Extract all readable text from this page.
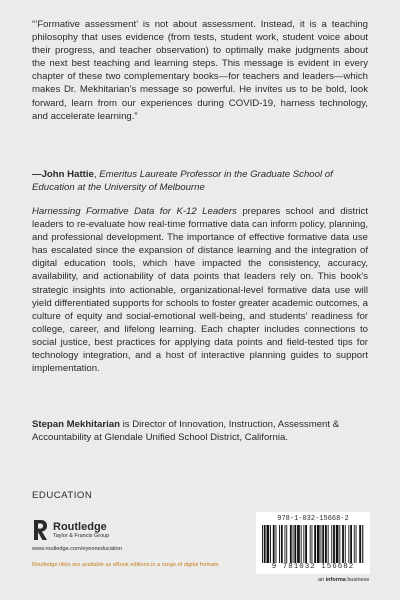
“‘Formative assessment’ is not about assessment. Instead, it is a teaching philosophy that uses evidence (from tests, student work, student voice about their progress, and teacher observation) to optimally make judgments about the next best teaching and learning steps. This message is evident in every chapter of these two complementary books—for teachers and leaders—which makes Dr. Mekhitarian’s message so powerful. He invites us to be bold, look forward, learn from our experiences during COVID-19, harness technology, and accelerate learning.”
—John Hattie, Emeritus Laureate Professor in the Graduate School of Education at the University of Melbourne
Harnessing Formative Data for K-12 Leaders prepares school and district leaders to re-evaluate how real-time formative data can inform policy, planning, and professional development. The importance of effective formative data use has escalated since the expansion of distance learning and the integration of digital education tools, which have impacted the consistency, accuracy, availability, and actionability of data points that leaders rely on. This book’s strategic insights into actionable, organizational-level formative data use will yield differentiated supports for schools to foster greater academic outcomes, a culture of equity and social-emotional well-being, and students’ readiness for college, career, and lifelong learning. Each chapter includes connections to social justice, best practices for applying data points and field-tested tips for technology integration, and a host of interactive planning guides to support implementation.
Stepan Mekhitarian is Director of Innovation, Instruction, Assessment & Accountability at Glendale Unified School District, California.
EDUCATION
Routledge
Taylor & Francis Group
www.routledge.com/eyeoneducation
Routledge titles are available as eBook editions in a range of digital formats
978-1-032-15668-2
9 781032 156682
an informa business
